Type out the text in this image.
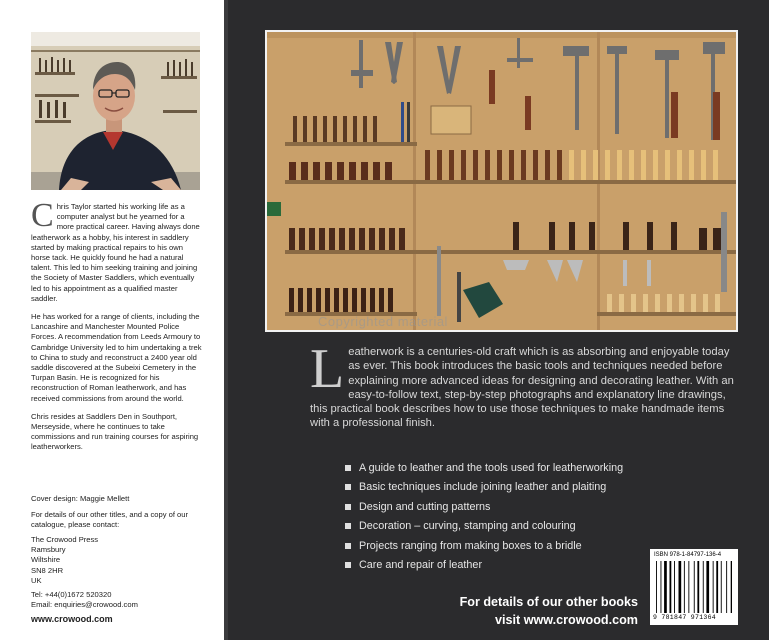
Chris Taylor started his working life as a computer analyst but he yearned for a more practical career. Having always done leatherwork as a hobby, his interest in saddlery started by making practical repairs to his own horse tack. He quickly found he had a natural talent. This led to him seeking training and joining the Society of Master Saddlers, which eventually led to his appointment as a qualified master saddler.

He has worked for a range of clients, including the Lancashire and Manchester Mounted Police Forces. A recommendation from Leeds Armoury to Cambridge University led to him undertaking a trek to China to study and reconstruct a 2400 year old saddle discovered at the Subeixi Cemetery in the Turpan Basin. He is recognized for his reconstruction of Roman leatherwork, and has received commissions from around the world.

Chris resides at Saddlers Den in Southport, Merseyside, where he continues to take commissions and run training courses for aspiring leatherworkers.

Cover design: Maggie Mellett
For details of our other titles, and a copy of our catalogue, please contact:
The Crowood Press
Ramsbury
Wiltshire
SN8 2HR
UK
Tel: +44(0)1672 520320
Email: enquiries@crowood.com
www.crowood.com
Copyrighted material
Leatherwork is a centuries-old craft which is as absorbing and enjoyable today as ever. This book introduces the basic tools and techniques needed before explaining more advanced ideas for designing and decorating leather. With an easy-to-follow text, step-by-step photographs and explanatory line drawings, this practical book describes how to use those techniques to make handmade items with a professional finish.
A guide to leather and the tools used for leatherworking
Basic techniques include joining leather and plaiting
Design and cutting patterns
Decoration – curving, stamping and colouring
Projects ranging from making boxes to a bridle
Care and repair of leather
For details of our other books
visit www.crowood.com
ISBN 978-1-84797-136-4
9 781847 971364
